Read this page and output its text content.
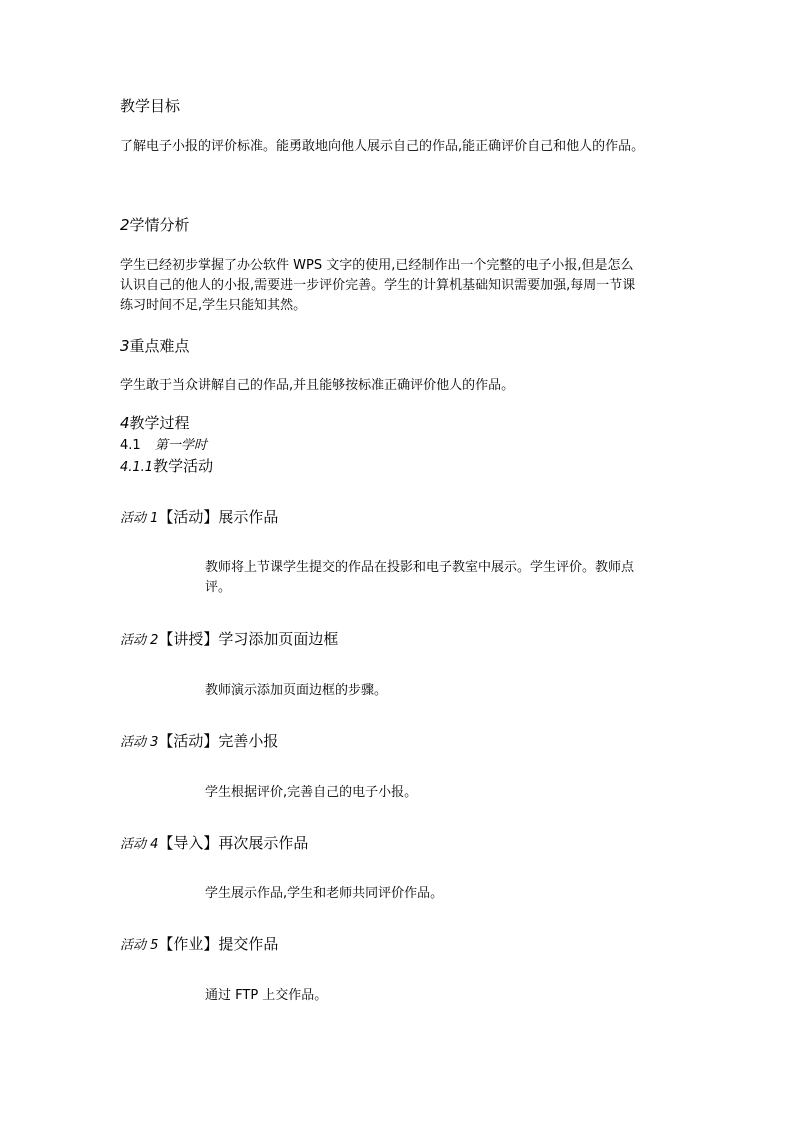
教学目标
了解电子小报的评价标准。能勇敢地向他人展示自己的作品,能正确评价自己和他人的作品。
2学情分析
学生已经初步掌握了办公软件 WPS 文字的使用,已经制作出一个完整的电子小报,但是怎么
认识自己的他人的小报,需要进一步评价完善。学生的计算机基础知识需要加强,每周一节课
练习时间不足,学生只能知其然。
3重点难点
学生敢于当众讲解自己的作品,并且能够按标准正确评价他人的作品。
4教学过程
4.1 第一学时
4.1.1教学活动
活动 1【活动】展示作品
教师将上节课学生提交的作品在投影和电子教室中展示。学生评价。教师点
评。
活动 2【讲授】学习添加页面边框
教师演示添加页面边框的步骤。
活动 3【活动】完善小报
学生根据评价,完善自己的电子小报。
活动 4【导入】再次展示作品
学生展示作品,学生和老师共同评价作品。
活动 5【作业】提交作品
通过 FTP 上交作品。
